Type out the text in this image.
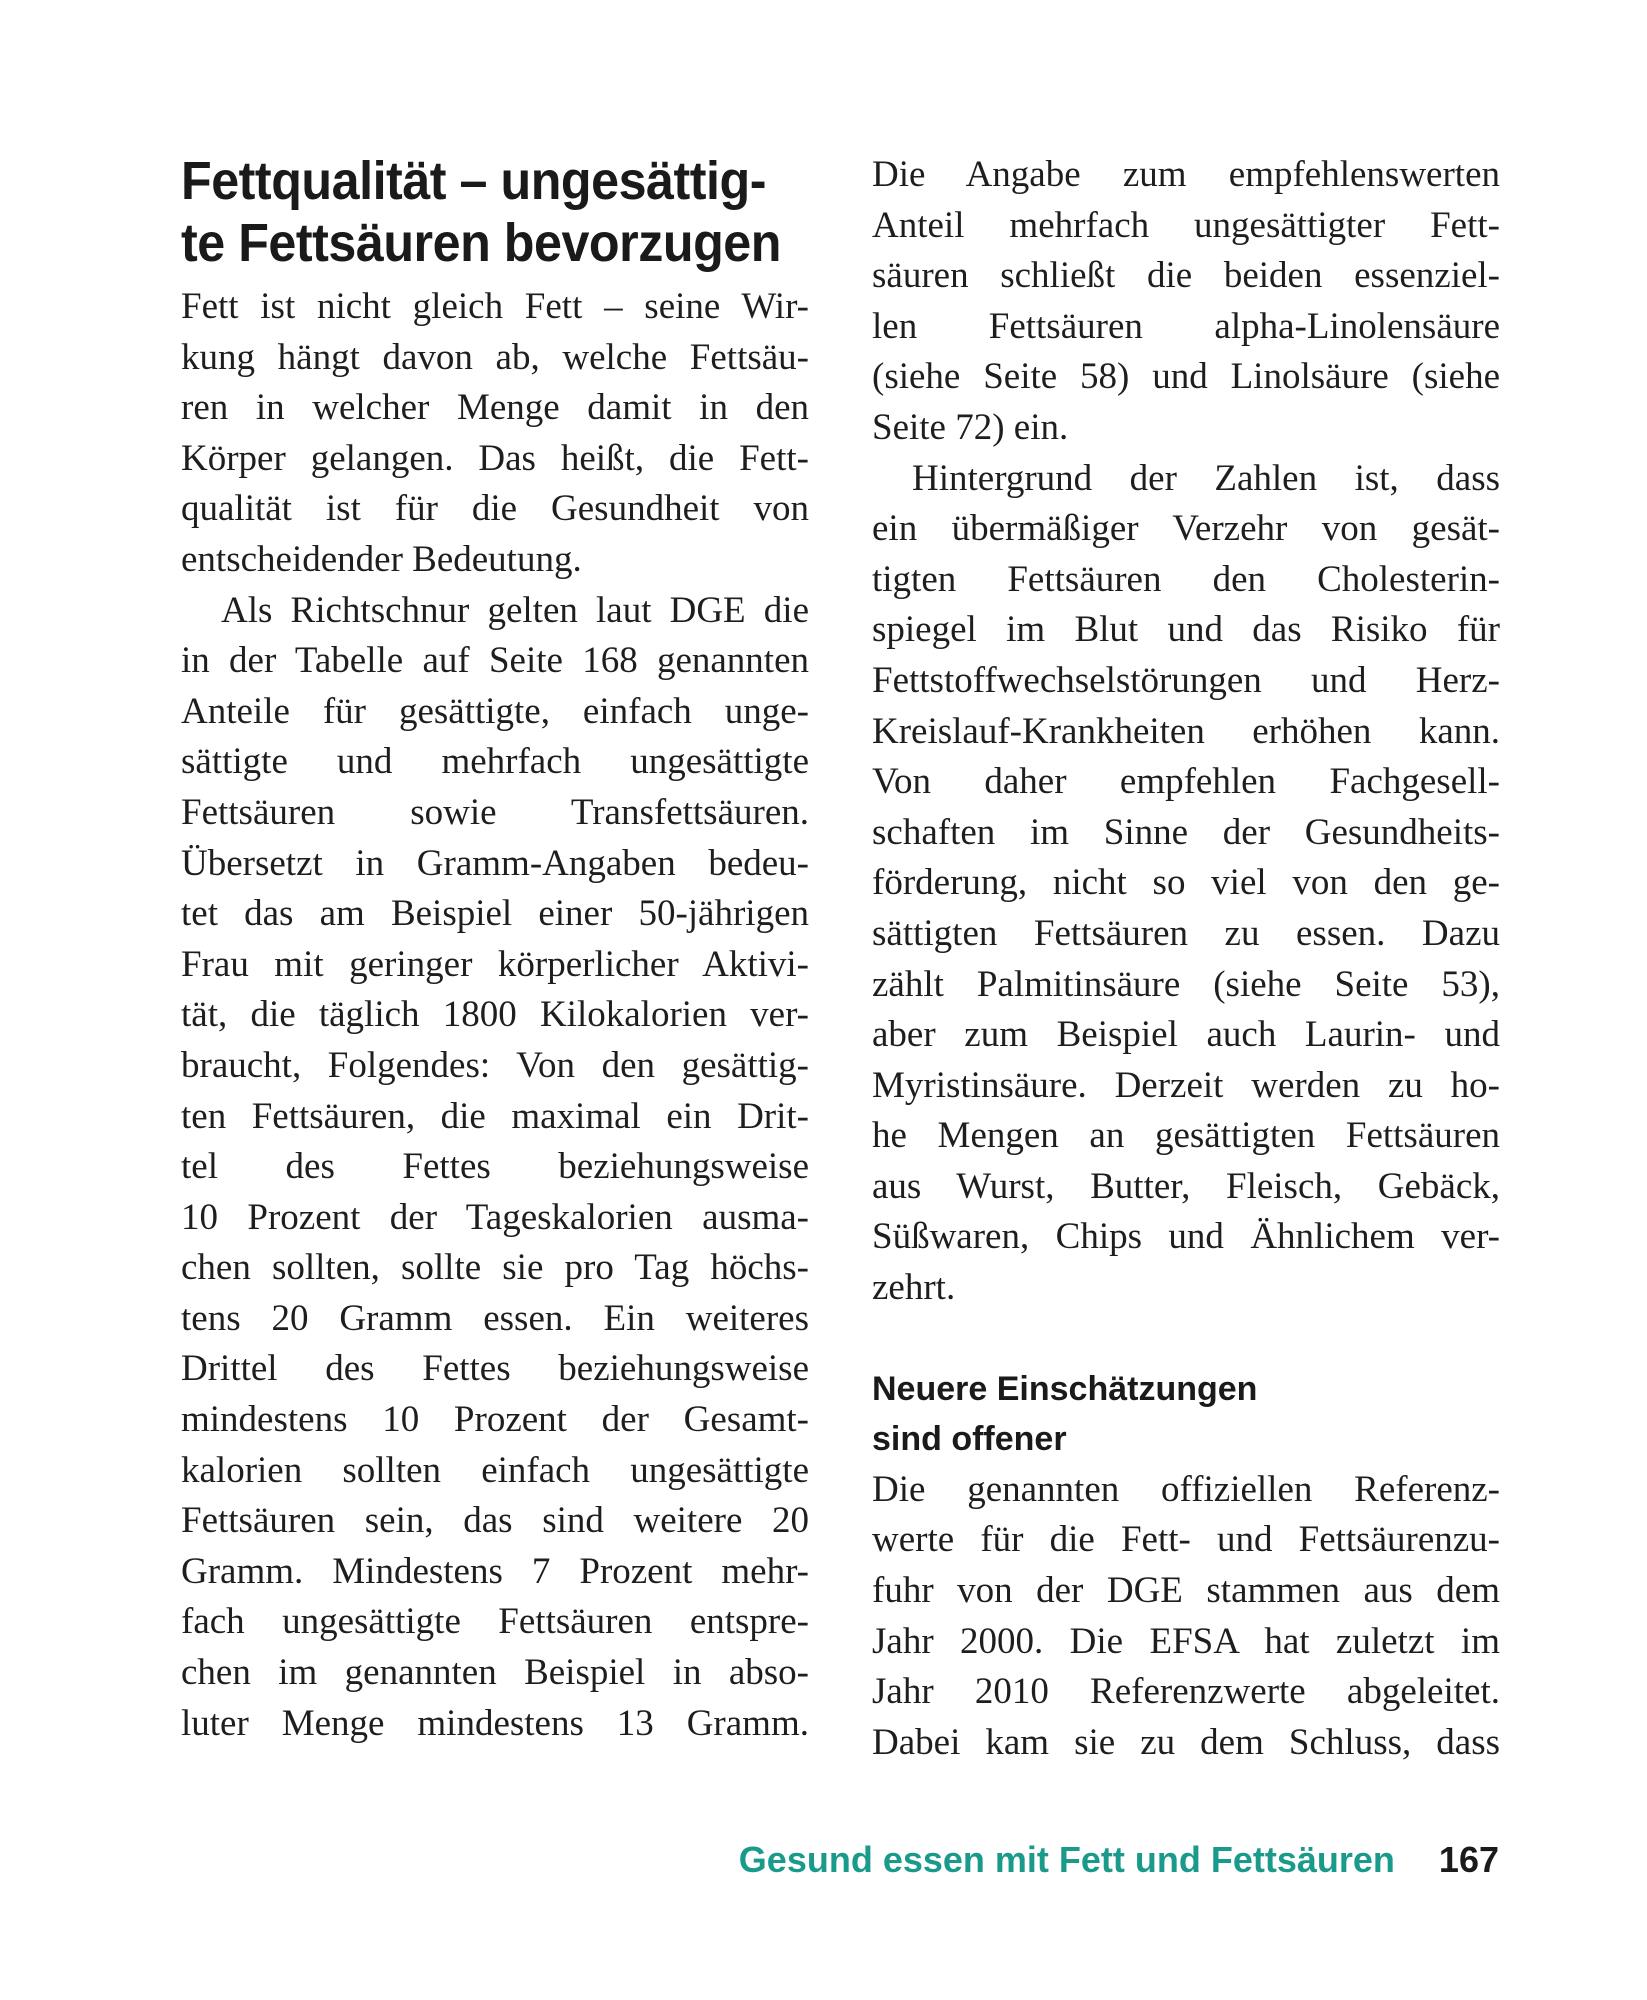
Fettqualität – ungesättig-
te Fettsäuren bevorzugen

Fett ist nicht gleich Fett – seine Wir-
kung hängt davon ab, welche Fettsäu-
ren in welcher Menge damit in den
Körper gelangen. Das heißt, die Fett-
qualität ist für die Gesundheit von
entscheidender Bedeutung.

Als Richtschnur gelten laut DGE die
in der Tabelle auf Seite 168 genannten
Anteile für gesättigte, einfach unge-
sättigte und mehrfach ungesättigte
Fettsäuren sowie Transfettsäuren.
Übersetzt in Gramm-Angaben bedeu-
tet das am Beispiel einer 50-jährigen
Frau mit geringer körperlicher Aktivi-
tät, die täglich 1800 Kilokalorien ver-
braucht, Folgendes: Von den gesättig-
ten Fettsäuren, die maximal ein Drit-
tel des Fettes beziehungsweise
10 Prozent der Tageskalorien ausma-
chen sollten, sollte sie pro Tag höchs-
tens 20 Gramm essen. Ein weiteres
Drittel des Fettes beziehungsweise
mindestens 10 Prozent der Gesamt-
kalorien sollten einfach ungesättigte
Fettsäuren sein, das sind weitere 20
Gramm. Mindestens 7 Prozent mehr-
fach ungesättigte Fettsäuren entspre-
chen im genannten Beispiel in abso-
luter Menge mindestens 13 Gramm.

Die Angabe zum empfehlenswerten
Anteil mehrfach ungesättigter Fett-
säuren schließt die beiden essenziel-
len Fettsäuren alpha-Linolensäure
(siehe Seite 58) und Linolsäure (siehe
Seite 72) ein.

Hintergrund der Zahlen ist, dass
ein übermäßiger Verzehr von gesät-
tigten Fettsäuren den Cholesterin-
spiegel im Blut und das Risiko für
Fettstoffwechselstörungen und Herz-
Kreislauf-Krankheiten erhöhen kann.
Von daher empfehlen Fachgesell-
schaften im Sinne der Gesundheits-
förderung, nicht so viel von den ge-
sättigten Fettsäuren zu essen. Dazu
zählt Palmitinsäure (siehe Seite 53),
aber zum Beispiel auch Laurin- und
Myristinsäure. Derzeit werden zu ho-
he Mengen an gesättigten Fettsäuren
aus Wurst, Butter, Fleisch, Gebäck,
Süßwaren, Chips und Ähnlichem ver-
zehrt.

Neuere Einschätzungen
sind offener

Die genannten offiziellen Referenz-
werte für die Fett- und Fettsäurenzu-
fuhr von der DGE stammen aus dem
Jahr 2000. Die EFSA hat zuletzt im
Jahr 2010 Referenzwerte abgeleitet.
Dabei kam sie zu dem Schluss, dass

Gesund essen mit Fett und Fettsäuren 167
